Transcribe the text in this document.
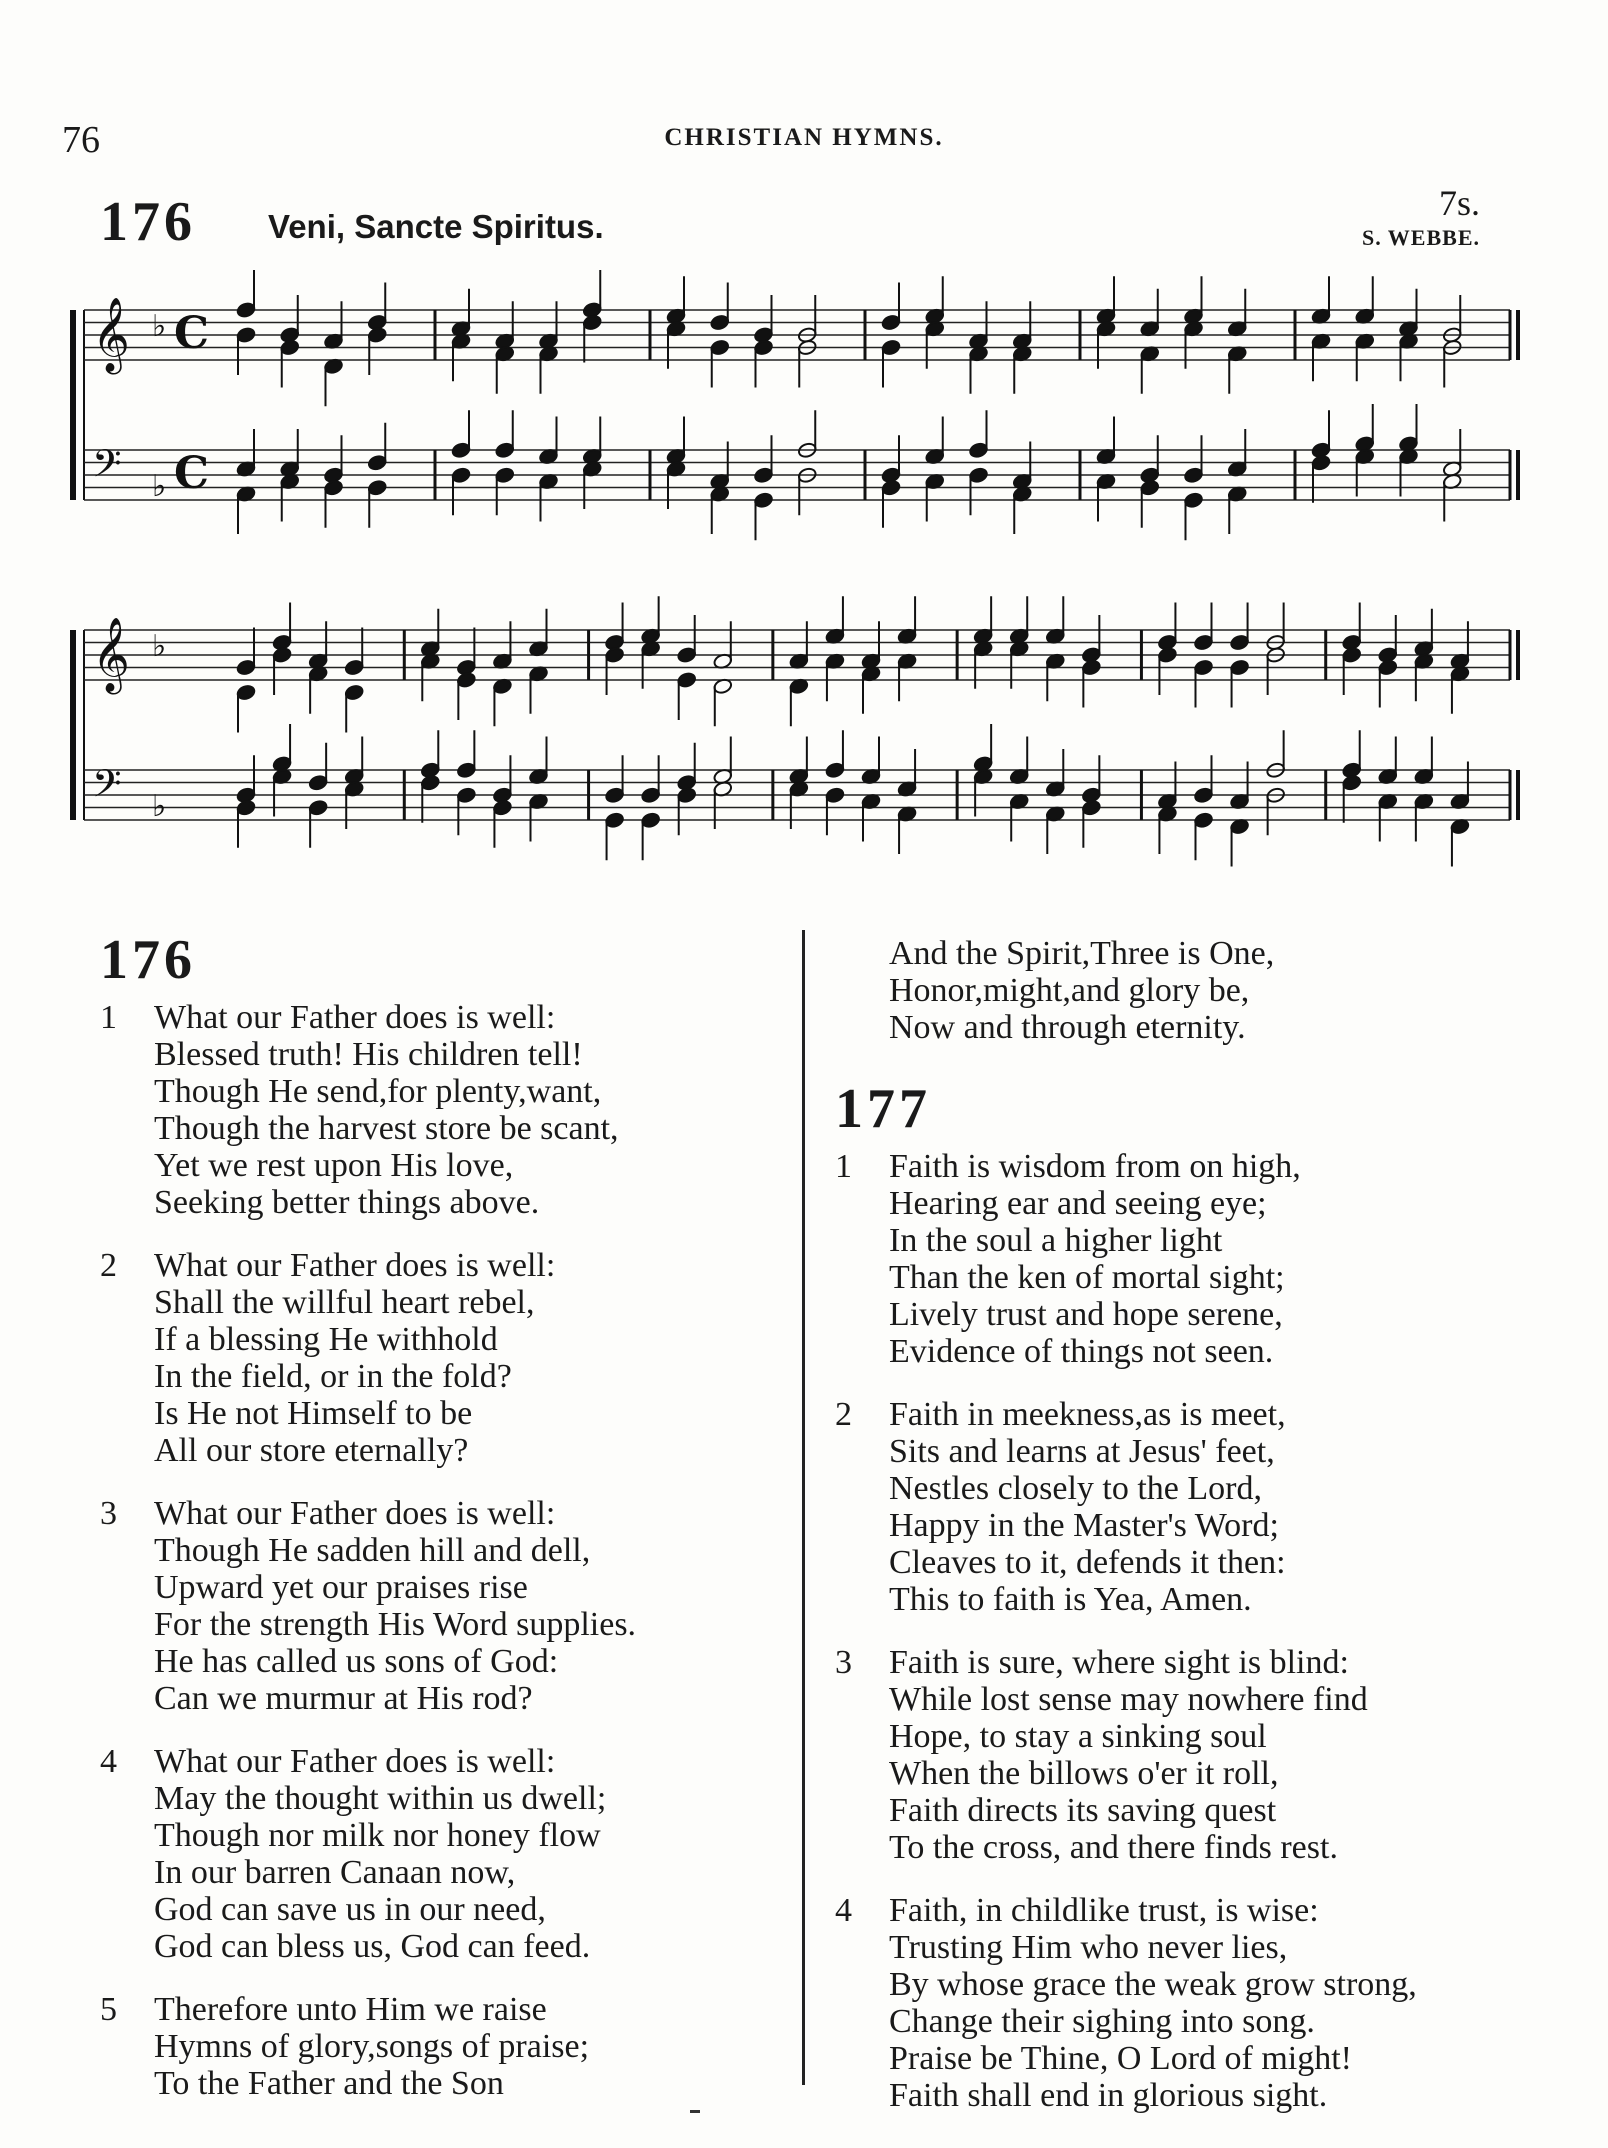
76	CHRISTIAN HYMNS.
176 Veni, Sancte Spiritus.
7s.
S. WEBBE.
𝄞 ♭ C
𝄢 ♭ C
𝄞 ♭
𝄢 ♭
176
1	What our Father does is well:
Blessed truth! His children tell!
Though He send,for plenty,want,
Though the harvest store be scant,
Yet we rest upon His love,
Seeking better things above.
2	What our Father does is well:
Shall the willful heart rebel,
If a blessing He withhold
In the field, or in the fold?
Is He not Himself to be
All our store eternally?
3	What our Father does is well:
Though He sadden hill and dell,
Upward yet our praises rise
For the strength His Word supplies.
He has called us sons of God:
Can we murmur at His rod?
4	What our Father does is well:
May the thought within us dwell;
Though nor milk nor honey flow
In our barren Canaan now,
God can save us in our need,
God can bless us, God can feed.
5	Therefore unto Him we raise
Hymns of glory,songs of praise;
To the Father and the Son
And the Spirit,Three is One,
Honor,might,and glory be,
Now and through eternity.
177
1	Faith is wisdom from on high,
Hearing ear and seeing eye;
In the soul a higher light
Than the ken of mortal sight;
Lively trust and hope serene,
Evidence of things not seen.
2	Faith in meekness,as is meet,
Sits and learns at Jesus' feet,
Nestles closely to the Lord,
Happy in the Master's Word;
Cleaves to it, defends it then:
This to faith is Yea, Amen.
3	Faith is sure, where sight is blind:
While lost sense may nowhere find
Hope, to stay a sinking soul
When the billows o'er it roll,
Faith directs its saving quest
To the cross, and there finds rest.
4	Faith, in childlike trust, is wise:
Trusting Him who never lies,
By whose grace the weak grow strong,
Change their sighing into song.
Praise be Thine, O Lord of might!
Faith shall end in glorious sight.
